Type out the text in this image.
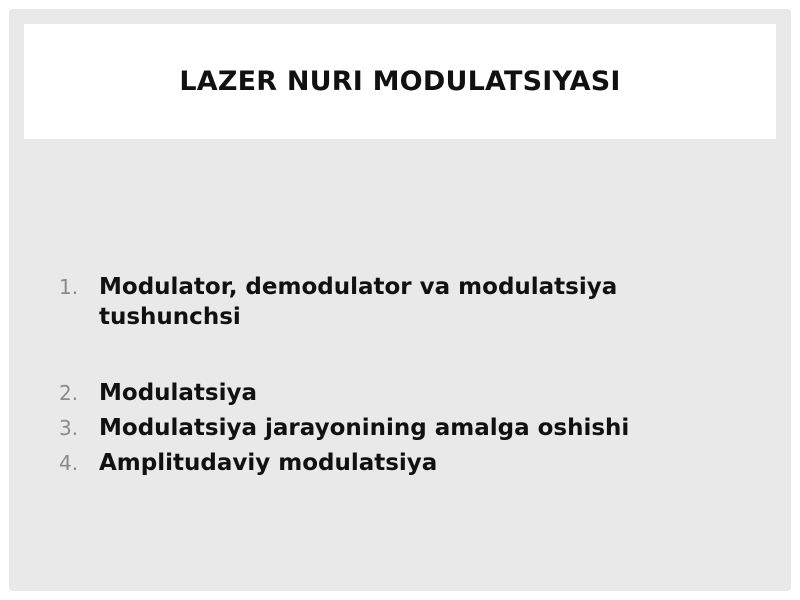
LAZER NURI MODULATSIYASI
1. Modulator, demodulator va modulatsiya tushunchsi
2. Modulatsiya
3. Modulatsiya jarayonining amalga oshishi
4. Amplitudaviy modulatsiya
